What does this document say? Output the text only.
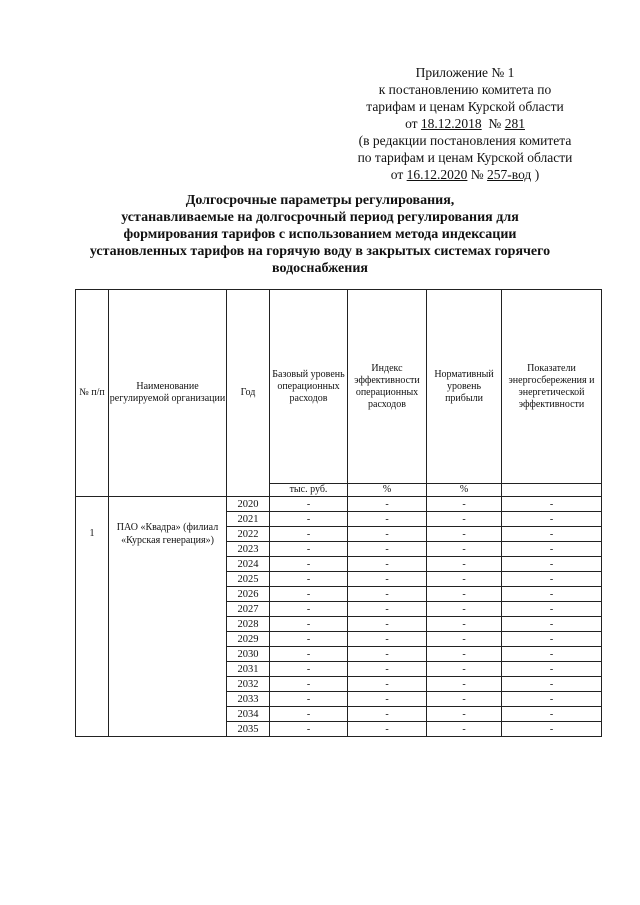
Приложение № 1
к постановлению комитета по
тарифам и ценам Курской области
от 18.12.2018  № 281
(в редакции постановления комитета
по тарифам и ценам Курской области
от 16.12.2020 № 257-вод )
Долгосрочные параметры регулирования,
устанавливаемые на долгосрочный период регулирования для
формирования тарифов с использованием метода индексации
установленных тарифов на горячую воду в закрытых системах горячего
водоснабжения
№ п/п	Наименование регулируемой организации	Год	Базовый уровень операционных расходов	Индекс эффективности операционных расходов	Нормативный уровень прибыли	Показатели энергосбережения и энергетической эффективности
			тыс. руб.	%	%	
1	ПАО «Квадра» (филиал «Курская генерация»)	2020	-	-	-	-
		2021	-	-	-	-
		2022	-	-	-	-
		2023	-	-	-	-
		2024	-	-	-	-
		2025	-	-	-	-
		2026	-	-	-	-
		2027	-	-	-	-
		2028	-	-	-	-
		2029	-	-	-	-
		2030	-	-	-	-
		2031	-	-	-	-
		2032	-	-	-	-
		2033	-	-	-	-
		2034	-	-	-	-
		2035	-	-	-	-
